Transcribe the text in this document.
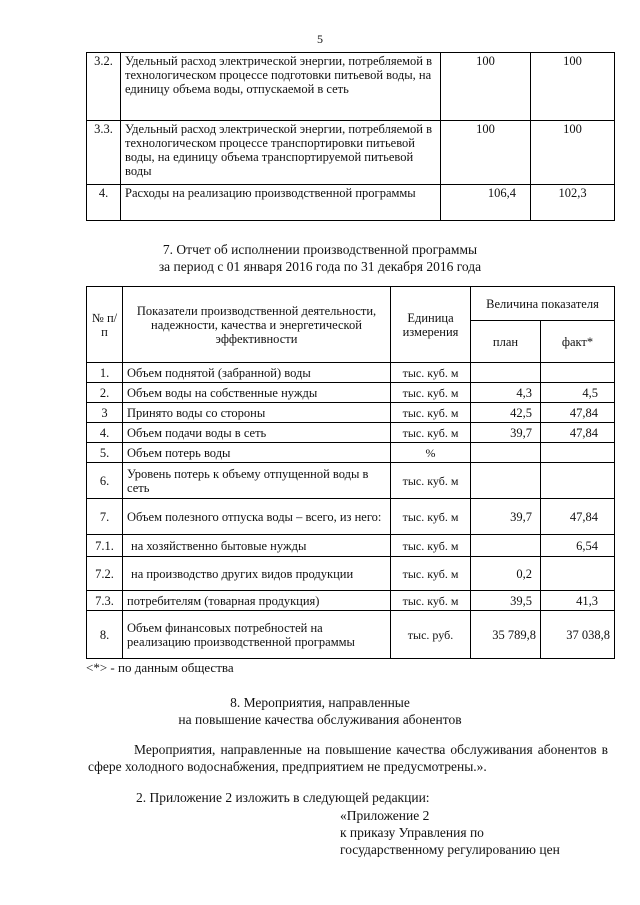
5
3.2.	Удельный расход электрической энергии, потребляемой в технологическом процессе подготовки питьевой воды, на единицу объема воды, отпускаемой в сеть	100	100
3.3.	Удельный расход электрической энергии, потребляемой в технологическом процессе транспортировки питьевой воды, на единицу объема транспортируемой питьевой воды	100	100
4.	Расходы на реализацию производственной программы	106,4	102,3
7. Отчет об исполнении производственной программы
за период с 01 января 2016 года по 31 декабря 2016 года
№ п/п	Показатели производственной деятельности, надежности, качества и энергетической эффективности	Единица измерения	Величина показателя	
			план	факт*
1.	Объем поднятой (забранной) воды	тыс. куб. м		
2.	Объем воды на собственные нужды	тыс. куб. м	4,3	4,5
3	Принято воды со стороны	тыс. куб. м	42,5	47,84
4.	Объем подачи воды в сеть	тыс. куб. м	39,7	47,84
5.	Объем потерь воды	%		
6.	Уровень потерь к объему отпущенной воды в сеть	тыс. куб. м		
7.	Объем полезного отпуска воды – всего, из него:	тыс. куб. м	39,7	47,84
7.1.	на хозяйственно бытовые нужды	тыс. куб. м		6,54
7.2.	на производство других видов продукции	тыс. куб. м	0,2	
7.3.	потребителям (товарная продукция)	тыс. куб. м	39,5	41,3
8.	Объем финансовых потребностей на реализацию производственной программы	тыс. руб.	35 789,8	37 038,8
<*> - по данным общества
8. Мероприятия, направленные
на повышение качества обслуживания абонентов
Мероприятия, направленные на повышение качества обслуживания абонентов в сфере холодного водоснабжения, предприятием не предусмотрены.».
2. Приложение 2 изложить в следующей редакции:
«Приложение 2
к приказу Управления по
государственному регулированию цен
